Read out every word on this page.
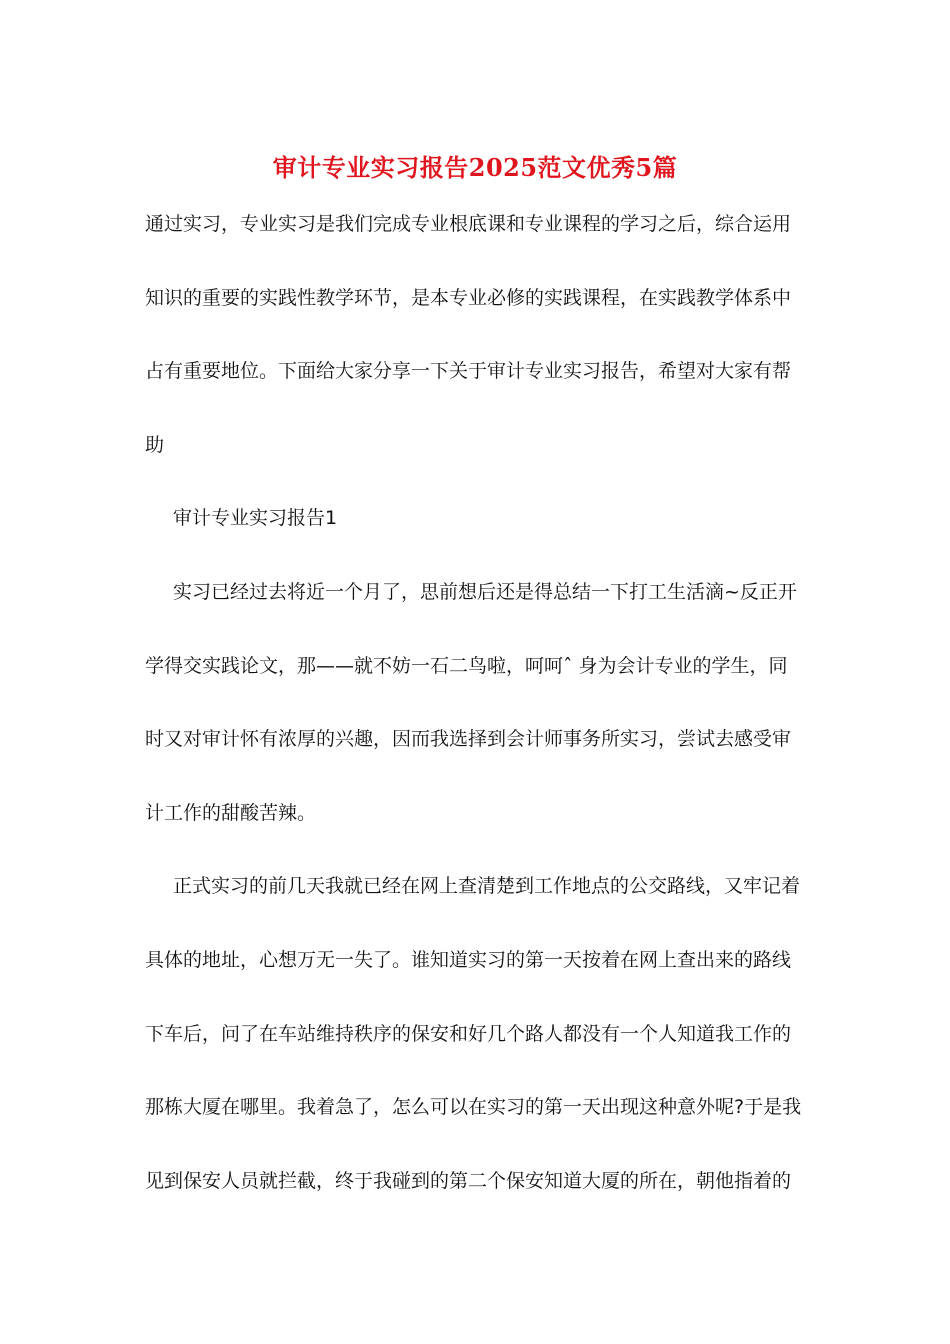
审计专业实习报告2025范文优秀5篇
通过实习，专业实习是我们完成专业根底课和专业课程的学习之后，综合运用
知识的重要的实践性教学环节，是本专业必修的实践课程，在实践教学体系中
占有重要地位。下面给大家分享一下关于审计专业实习报告，希望对大家有帮
助
审计专业实习报告1
实习已经过去将近一个月了，思前想后还是得总结一下打工生活滴~反正开
学得交实践论文，那——就不妨一石二鸟啦，呵呵ˆ 身为会计专业的学生，同
时又对审计怀有浓厚的兴趣，因而我选择到会计师事务所实习，尝试去感受审
计工作的甜酸苦辣。
正式实习的前几天我就已经在网上查清楚到工作地点的公交路线，又牢记着
具体的地址，心想万无一失了。谁知道实习的第一天按着在网上查出来的路线
下车后，问了在车站维持秩序的保安和好几个路人都没有一个人知道我工作的
那栋大厦在哪里。我着急了，怎么可以在实习的第一天出现这种意外呢?于是我
见到保安人员就拦截，终于我碰到的第二个保安知道大厦的所在，朝他指着的
